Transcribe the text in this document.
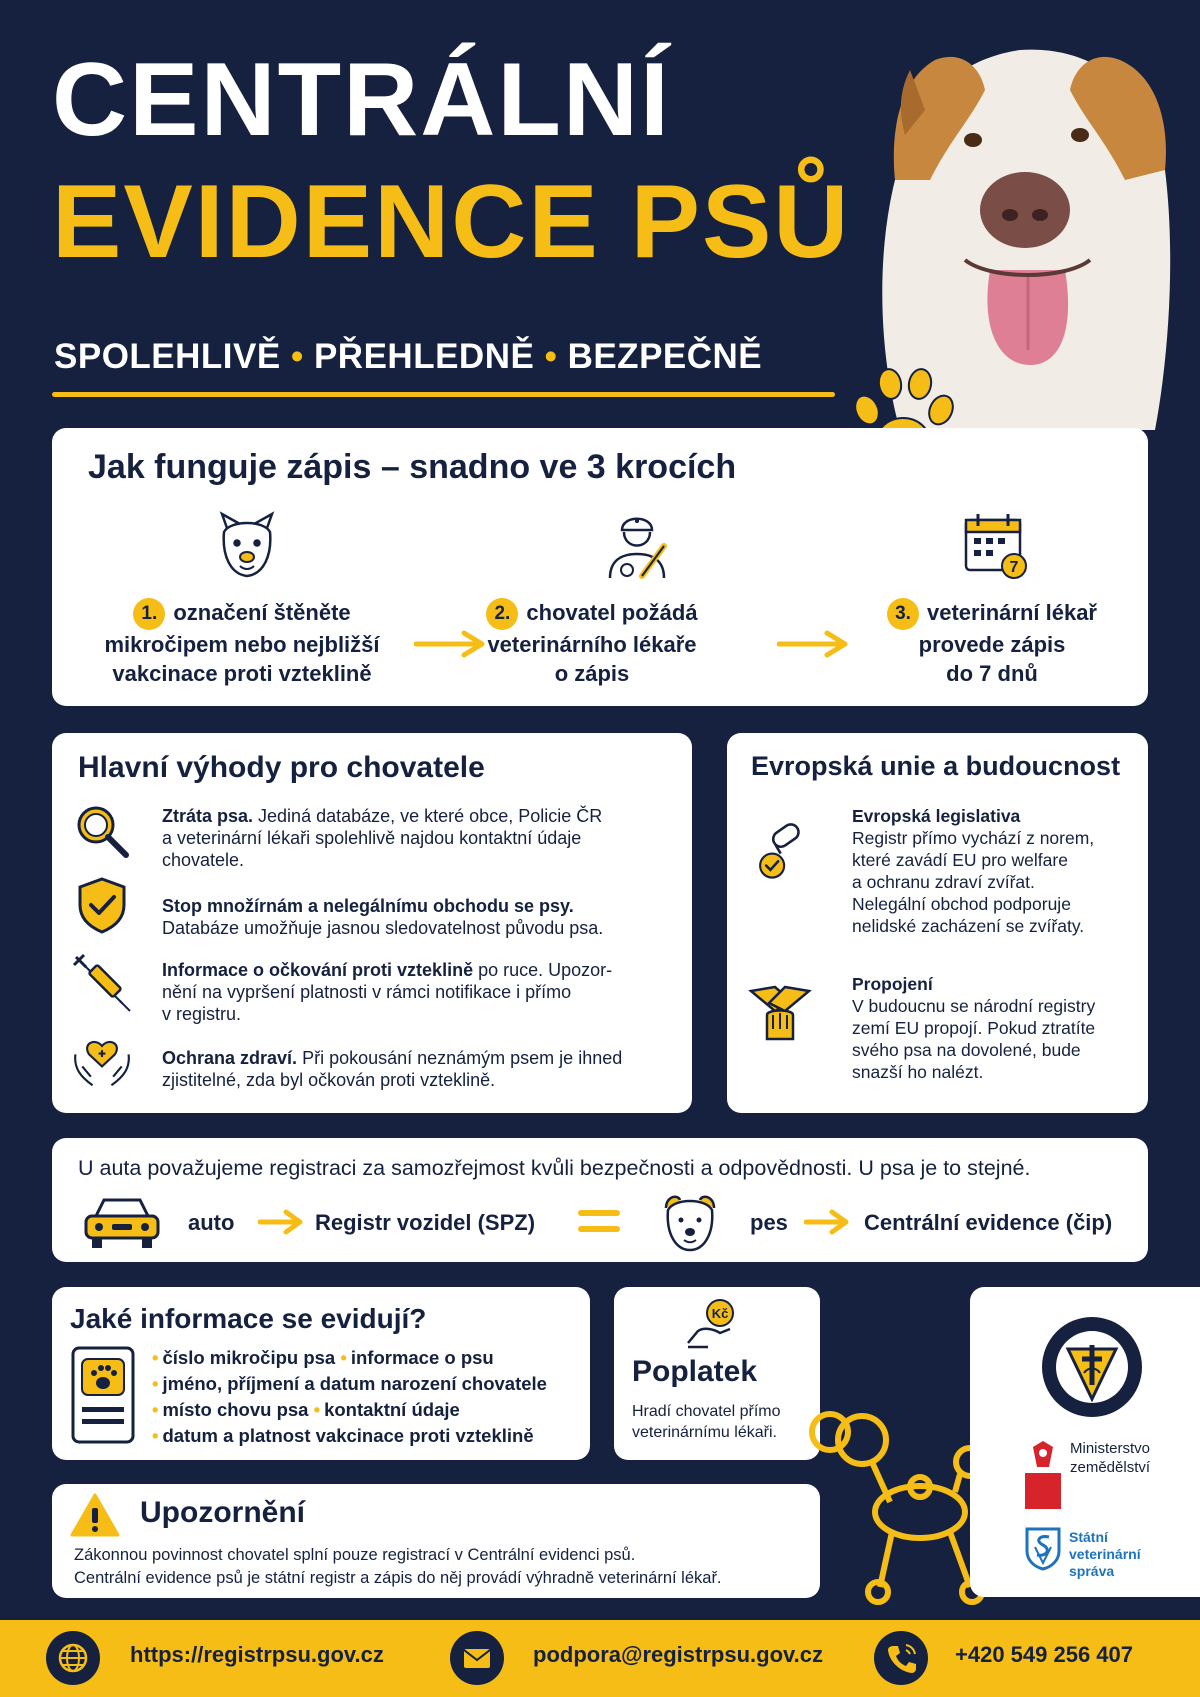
CENTRÁLNÍ
EVIDENCE PSŮ
SPOLEHLIVĚ • PŘEHLEDNĚ • BEZPEČNĚ
Jak funguje zápis – snadno ve 3 krocích
1. označení štěněte
mikročipem nebo nejbližší
vakcinace proti vzteklině
2. chovatel požádá
veterinárního lékaře
o zápis
7
3. veterinární lékař
provede zápis
do 7 dnů
Hlavní výhody pro chovatele
Ztráta psa. Jediná databáze, ve které obce, Policie ČR
a veterinární lékaři spolehlivě najdou kontaktní údaje
chovatele.
Stop množírnám a nelegálnímu obchodu se psy.
Databáze umožňuje jasnou sledovatelnost původu psa.
Informace o očkování proti vzteklině po ruce. Upozor-
nění na vypršení platnosti v rámci notifikace i přímo
v registru.
Ochrana zdraví. Při pokousání neznámým psem je ihned
zjistitelné, zda byl očkován proti vzteklině.
Evropská unie a budoucnost
Evropská legislativa
Registr přímo vychází z norem,
které zavádí EU pro welfare
a ochranu zdraví zvířat.
Nelegální obchod podporuje
nelidské zacházení se zvířaty.
Propojení
V budoucnu se národní registry
zemí EU propojí. Pokud ztratíte
svého psa na dovolené, bude
snazší ho nalézt.
U auta považujeme registraci za samozřejmost kvůli bezpečnosti a odpovědnosti. U psa je to stejné.
auto	Registr vozidel (SPZ)	pes	Centrální evidence (čip)
Jaké informace se evidují?
• číslo mikročipu psa • informace o psu
• jméno, příjmení a datum narození chovatele
• místo chovu psa • kontaktní údaje
• datum a platnost vakcinace proti vzteklině
Kč
Poplatek
Hradí chovatel přímo
veterinárnímu lékaři.
Upozornění
Zákonnou povinnost chovatel splní pouze registrací v Centrální evidenci psů.
Centrální evidence psů je státní registr a zápis do něj provádí výhradně veterinární lékař.
Ministerstvo
zemědělství
Státní
veterinární
správa
https://registrpsu.gov.cz	podpora@registrpsu.gov.cz	+420 549 256 407
